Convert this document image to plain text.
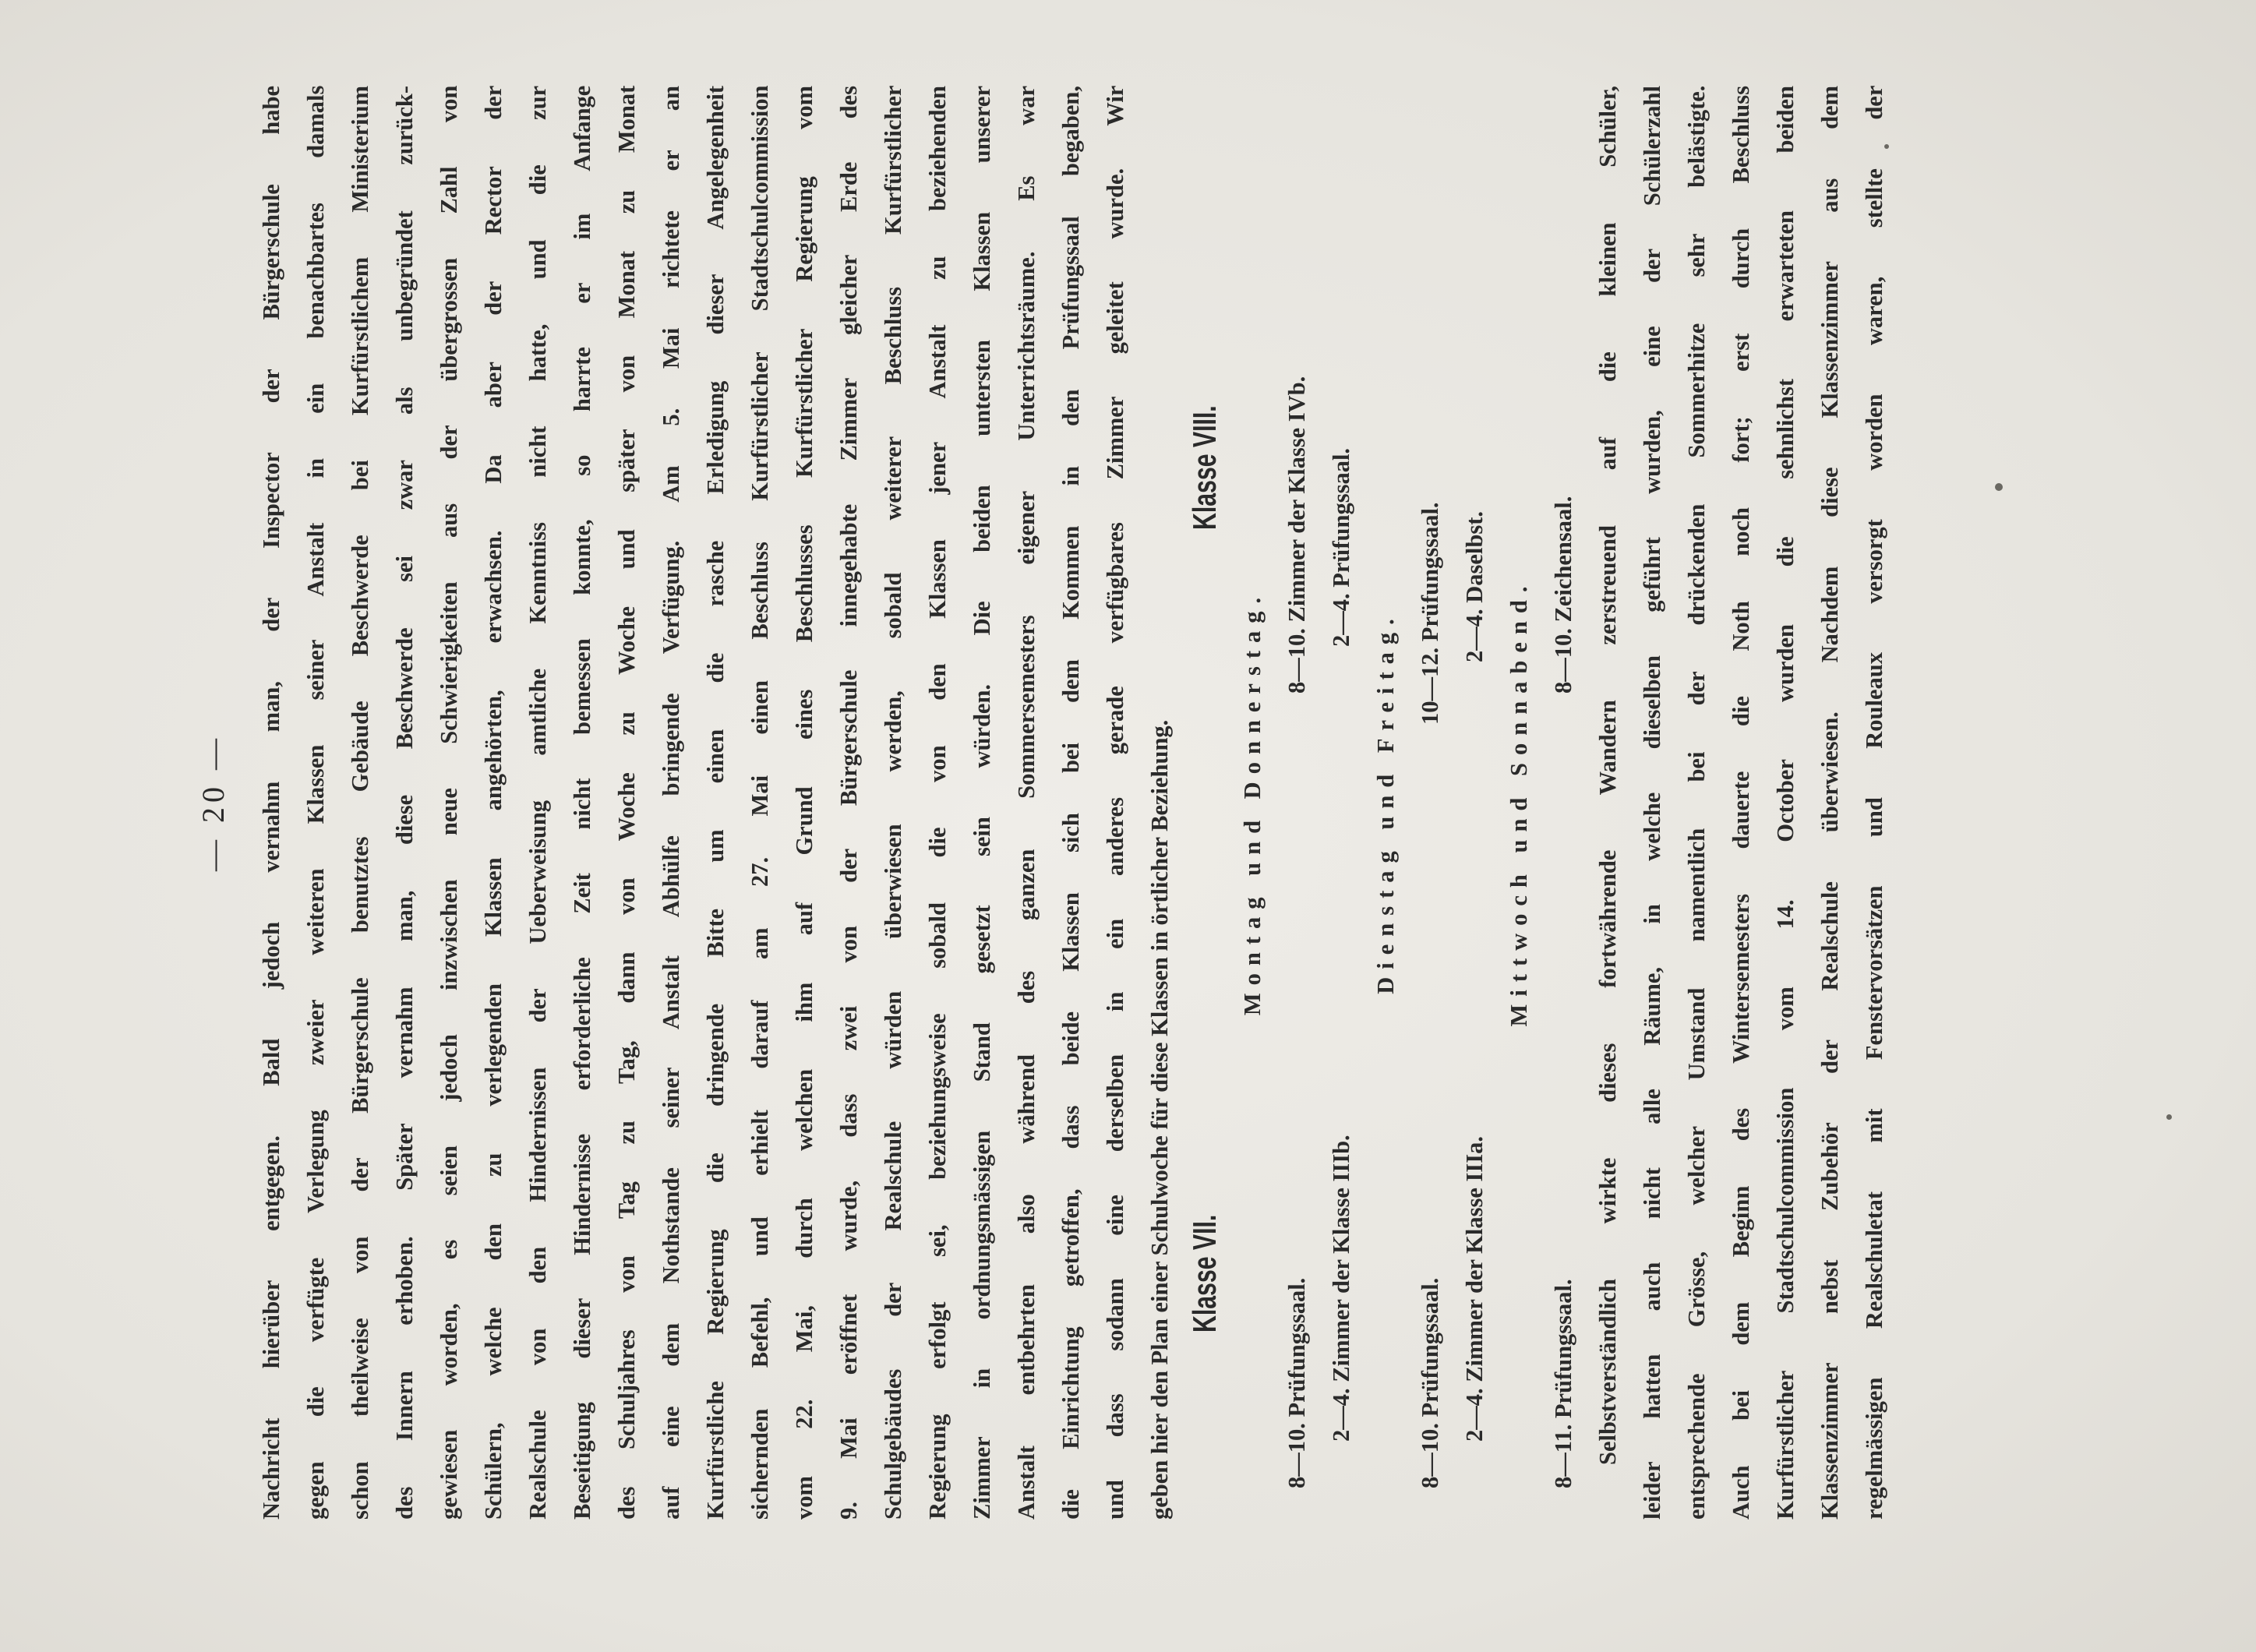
— 20 —	Nachricht hierüber entgegen. Bald jedoch vernahm man, der Inspector der Bürgerschule habe gegen die verfügte Verlegung zweier weiteren Klassen seiner Anstalt in ein benachbartes damals schon theilweise von der Bürgerschule benutztes Gebäude Beschwerde bei Kurfürstlichem Ministerium des Innern erhoben. Später vernahm man, diese Beschwerde sei zwar als unbegründet zurück- gewiesen worden, es seien jedoch inzwischen neue Schwierigkeiten aus der übergrossen Zahl von Schülern, welche den zu verlegenden Klassen angehörten, erwachsen. Da aber der Rector der Realschule von den Hindernissen der Ueberweisung amtliche Kenntniss nicht hatte, und die zur Beseitigung dieser Hindernisse erforderliche Zeit nicht bemessen konnte, so harrte er im Anfange des Schuljahres von Tag zu Tag, dann von Woche zu Woche und später von Monat zu Monat auf eine dem Nothstande seiner Anstalt Abhülfe bringende Verfügung. Am 5. Mai richtete er an Kurfürstliche Regierung die dringende Bitte um einen die rasche Erledigung dieser Angelegenheit sichernden Befehl, und erhielt darauf am 27. Mai einen Beschluss Kurfürstlicher Stadtschulcommission vom 22. Mai, durch welchen ihm auf Grund eines Beschlusses Kurfürstlicher Regierung vom 9. Mai eröffnet wurde, dass zwei von der Bürgerschule innegehabte Zimmer gleicher Erde des Schulgebäudes der Realschule würden überwiesen werden, sobald weiterer Beschluss Kurfürstlicher Regierung erfolgt sei, beziehungsweise sobald die von den Klassen jener Anstalt zu beziehenden Zimmer in ordnungsmässigen Stand gesetzt sein würden. Die beiden untersten Klassen unserer Anstalt entbehrten also während des ganzen Sommersemesters eigener Unterrichtsräume. Es war die Einrichtung getroffen, dass beide Klassen sich bei dem Kommen in den Prüfungssaal begaben, und dass sodann eine derselben in ein anderes gerade verfügbares Zimmer geleitet wurde. Wir geben hier den Plan einer Schulwoche für diese Klassen in örtlicher Beziehung. Klasse VII.
Klasse VIII.
Montag und Donnerstag.
8—10. Prüfungssaal.8—10. Zimmer der Klasse IVb.
2—4. Zimmer der Klasse IIIb.2—4. Prüfungssaal.
Dienstag und Freitag.
8—10. Prüfungssaal.10—12. Prüfungssaal.
2—4. Zimmer der Klasse IIIa.2—4. Daselbst. Mittwoch und Sonnabend.
8—11. Prüfungssaal.8—10. Zeichensaal. Selbstverständlich wirkte dieses fortwährende Wandern zerstreuend auf die kleinen Schüler, leider hatten auch nicht alle Räume, in welche dieselben geführt wurden, eine der Schülerzahl entsprechende Grösse, welcher Umstand namentlich bei der drückenden Sommerhitze sehr belästigte. Auch bei dem Beginn des Wintersemesters dauerte die Noth noch fort; erst durch Beschluss Kurfürstlicher Stadtschulcommission vom 14. October wurden die sehnlichst erwarteten beiden Klassenzimmer nebst Zubehör der Realschule überwiesen. Nachdem diese Klassenzimmer aus dem regelmässigen Realschuletat mit Fenstervorsätzen und Rouleaux versorgt worden waren, stellte der
